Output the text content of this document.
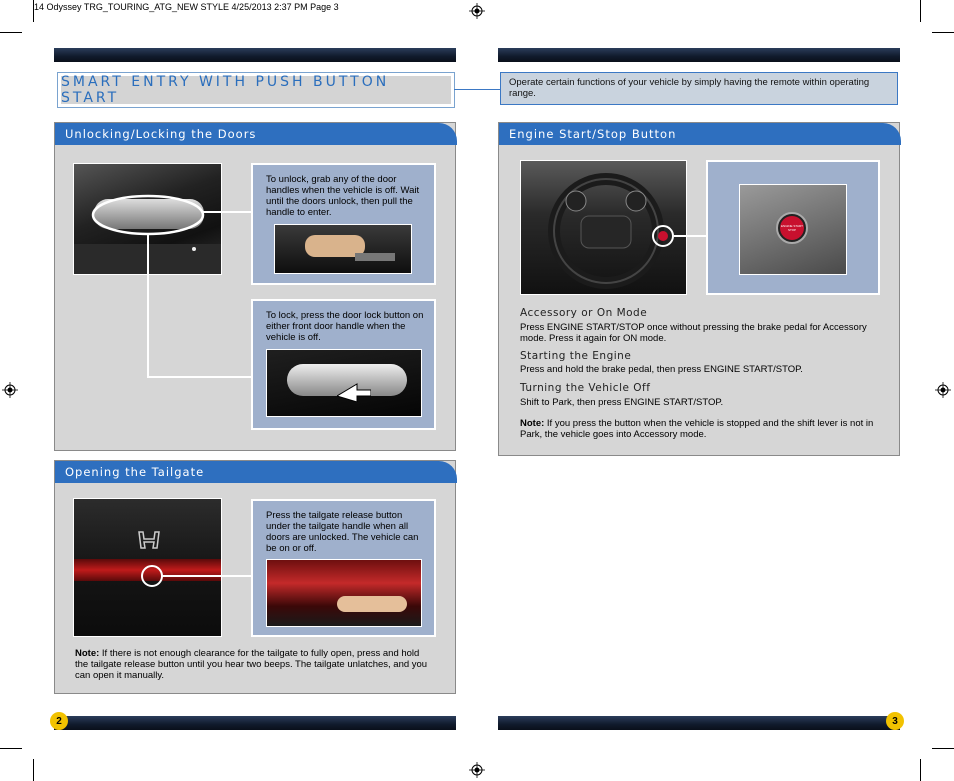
14 Odyssey TRG_TOURING_ATG_NEW STYLE 4/25/2013 2:37 PM Page 3
SMART ENTRY WITH PUSH BUTTON START
Operate certain functions of your vehicle by simply having the remote within operating range.
Unlocking/Locking the Doors
To unlock, grab any of the door handles when the vehicle is off. Wait until the doors unlock, then pull the handle to enter.
To lock, press the door lock button on either front door handle when the vehicle is off.
Opening the Tailgate
Press the tailgate release button under the tailgate handle when all doors are unlocked. The vehicle can be on or off.
Note: If there is not enough clearance for the tailgate to fully open, press and hold the tailgate release button until you hear two beeps. The tailgate unlatches, and you can open it manually.
Engine Start/Stop Button
ENGINE START STOP
Accessory or On Mode
Press ENGINE START/STOP once without pressing the brake pedal for Accessory mode. Press it again for ON mode.
Starting the Engine
Press and hold the brake pedal, then press ENGINE START/STOP.
Turning the Vehicle Off
Shift to Park, then press ENGINE START/STOP.
Note: If you press the button when the vehicle is stopped and the shift lever is not in Park, the vehicle goes into Accessory mode.
2	3
